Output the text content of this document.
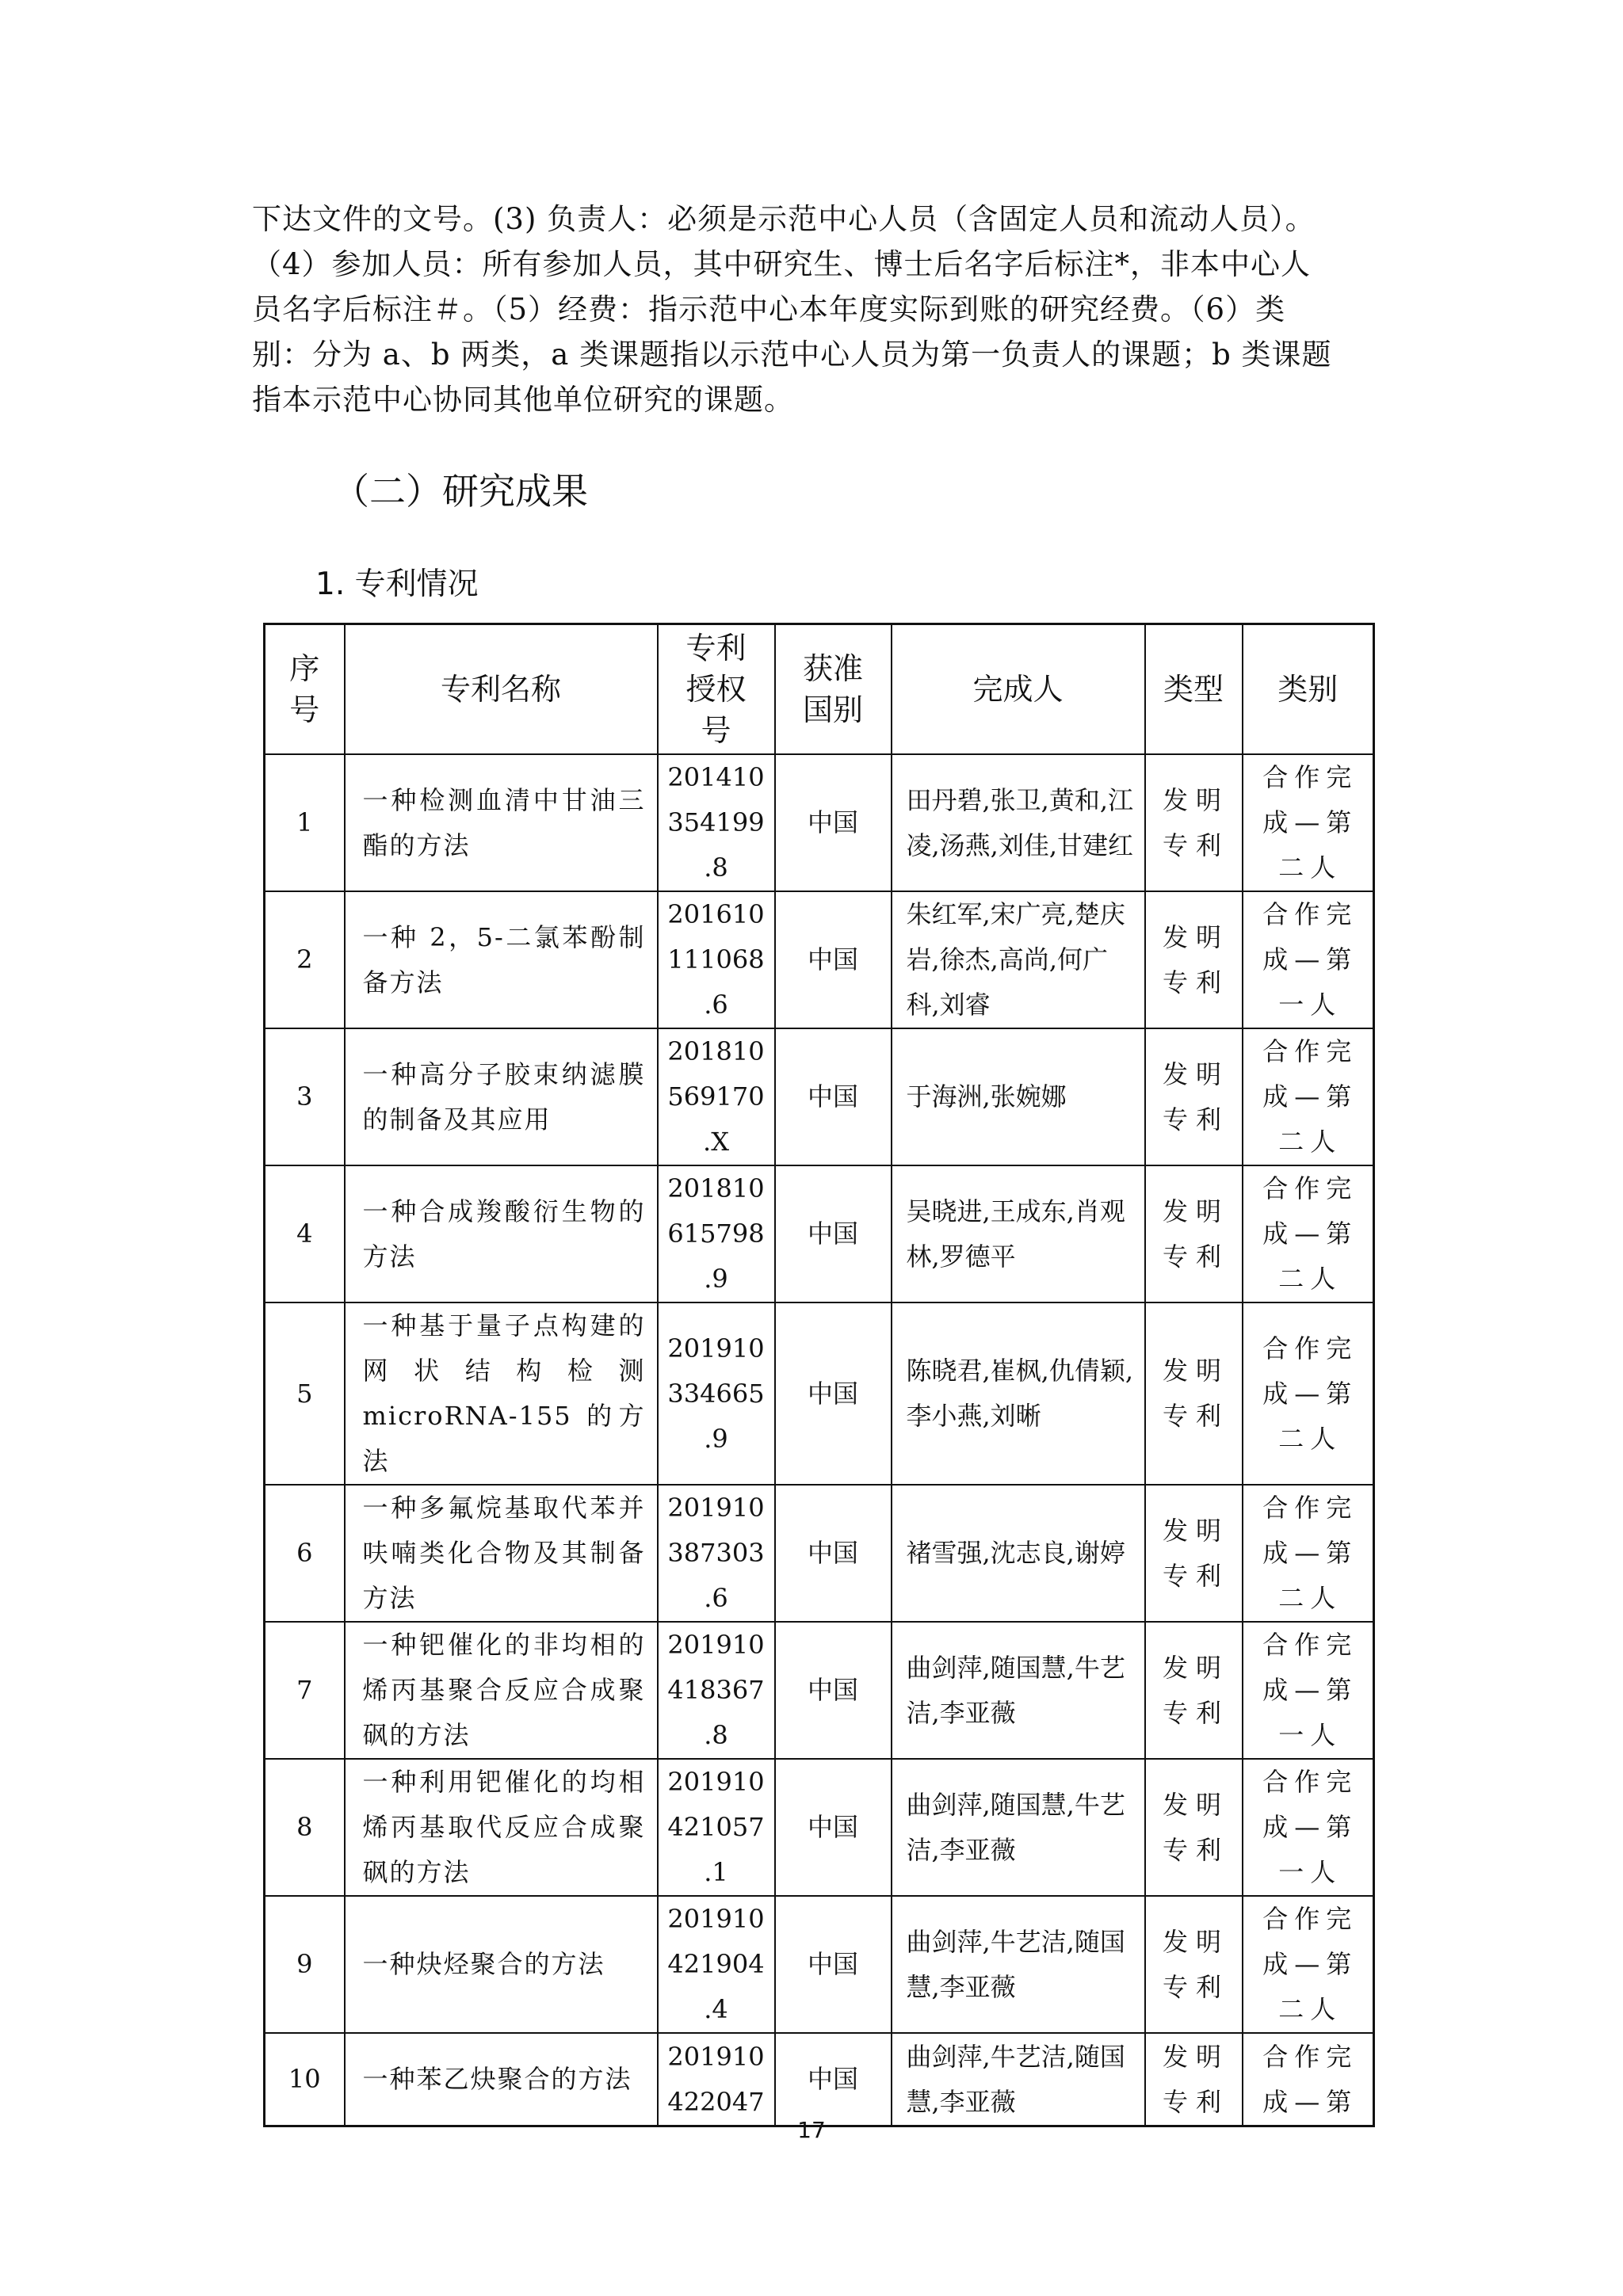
下达文件的文号。(3) 负责人：必须是示范中心人员（含固定人员和流动人员）。

（4）参加人员：所有参加人员，其中研究生、博士后名字后标注*，非本中心人

员名字后标注＃。（5）经费：指示范中心本年度实际到账的研究经费。（6）类

别：分为 a、b 两类，a 类课题指以示范中心人员为第一负责人的课题；b 类课题

指本示范中心协同其他单位研究的课题。

（二）研究成果
1. 专利情况
序
号	专利名称	专利
授权
号	获准
国别	完成人	类型	类别
1	一种检测血清中甘油三酯的方法	201410
354199
.8	中国	田丹碧,张卫,黄和,江凌,汤燕,刘佳,甘建红	发明专利	合作完成—第二人
2	一种 2，5-二氯苯酚制备方法	201610
111068
.6	中国	朱红军,宋广亮,楚庆岩,徐杰,高尚,何广科,刘睿	发明专利	合作完成—第一人
3	一种高分子胶束纳滤膜的制备及其应用	201810
569170
.X	中国	于海洲,张婉娜	发明专利	合作完成—第二人
4	一种合成羧酸衍生物的方法	201810
615798
.9	中国	吴晓进,王成东,肖观林,罗德平	发明专利	合作完成—第二人
5	一种基于量子点构建的网状结构检测 microRNA-155 的方法	201910
334665
.9	中国	陈晓君,崔枫,仇倩颖,李小燕,刘晰	发明专利	合作完成—第二人
6	一种多氟烷基取代苯并呋喃类化合物及其制备方法	201910
387303
.6	中国	褚雪强,沈志良,谢婷	发明专利	合作完成—第二人
7	一种钯催化的非均相的烯丙基聚合反应合成聚砜的方法	201910
418367
.8	中国	曲剑萍,随国慧,牛艺洁,李亚薇	发明专利	合作完成—第一人
8	一种利用钯催化的均相烯丙基取代反应合成聚砜的方法	201910
421057
.1	中国	曲剑萍,随国慧,牛艺洁,李亚薇	发明专利	合作完成—第一人
9	一种炔烃聚合的方法	201910
421904
.4	中国	曲剑萍,牛艺洁,随国慧,李亚薇	发明专利	合作完成—第二人
10	一种苯乙炔聚合的方法	201910
422047	中国	曲剑萍,牛艺洁,随国慧,李亚薇	发明专利	合作完成—第
17
